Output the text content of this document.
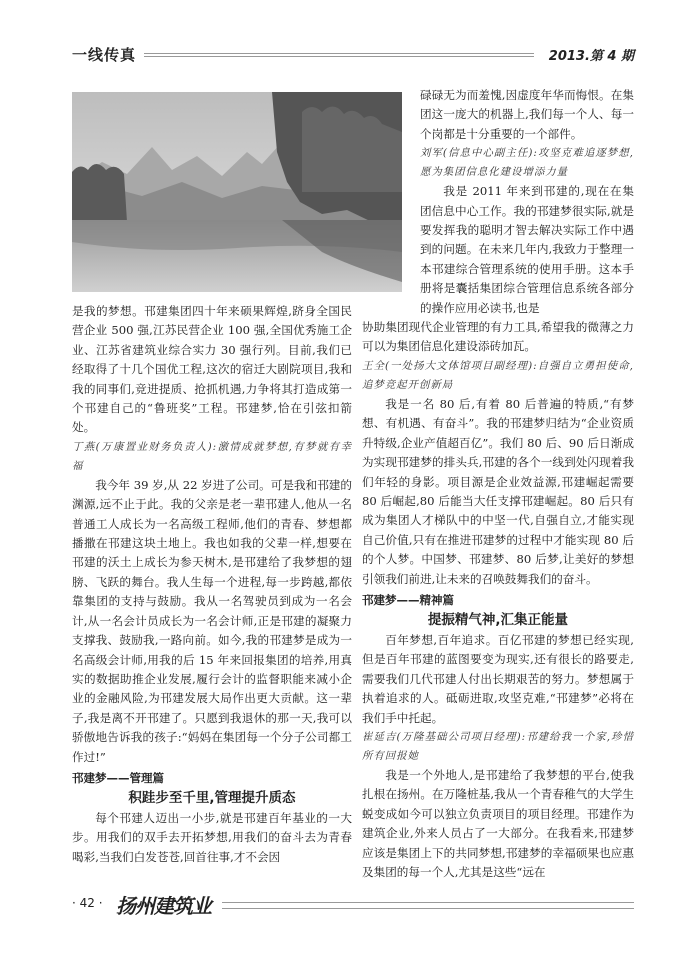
一线传真	2013.第 4 期

碌碌无为而羞愧,因虚度年华而悔恨。在集团这一庞大的机器上,我们每一个人、每一个岗都是十分重要的一个部件。

刘军(信息中心副主任):攻坚克难追逐梦想,愿为集团信息化建设增添力量

我是 2011 年来到邗建的,现在在集团信息中心工作。我的邗建梦很实际,就是要发挥我的聪明才智去解决实际工作中遇到的问题。在未来几年内,我致力于整理一本邗建综合管理系统的使用手册。这本手册将是囊括集团综合管理信息系统各部分的操作应用必读书,也是

协助集团现代企业管理的有力工具,希望我的微薄之力可以为集团信息化建设添砖加瓦。

王全(一处扬大文体馆项目副经理):自强自立勇担使命,追梦竞起开创新局

我是一名 80 后,有着 80 后普遍的特质,“有梦想、有机遇、有奋斗”。我的邗建梦归结为“企业资质升特级,企业产值超百亿”。我们 80 后、90 后日渐成为实现邗建梦的排头兵,邗建的各个一线到处闪现着我们年轻的身影。项目源是企业效益源,邗建崛起需要 80 后崛起,80 后能当大任支撑邗建崛起。80 后只有成为集团人才梯队中的中坚一代,自强自立,才能实现自己价值,只有在推进邗建梦的过程中才能实现 80 后的个人梦。中国梦、邗建梦、80 后梦,让美好的梦想引领我们前进,让未来的召唤鼓舞我们的奋斗。

邗建梦——精神篇

提振精气神,汇集正能量

百年梦想,百年追求。百亿邗建的梦想已经实现,但是百年邗建的蓝图要变为现实,还有很长的路要走,需要我们几代邗建人付出长期艰苦的努力。梦想属于执着追求的人。砥砺进取,攻坚克难,“邗建梦”必将在我们手中托起。

崔延吉(万隆基础公司项目经理):邗建给我一个家,珍惜所有回报她

我是一个外地人,是邗建给了我梦想的平台,使我扎根在扬州。在万隆桩基,我从一个青春稚气的大学生蜕变成如今可以独立负责项目的项目经理。邗建作为建筑企业,外来人员占了一大部分。在我看来,邗建梦应该是集团上下的共同梦想,邗建梦的幸福硕果也应惠及集团的每一个人,尤其是这些“远在

是我的梦想。邗建集团四十年来硕果辉煌,跻身全国民营企业 500 强,江苏民营企业 100 强,全国优秀施工企业、江苏省建筑业综合实力 30 强行列。目前,我们已经取得了十几个国优工程,这次的宿迁大剧院项目,我和我的同事们,竞进提质、抢抓机遇,力争将其打造成第一个邗建自己的“鲁班奖”工程。邗建梦,恰在引弦扣箭处。

丁燕(万康置业财务负责人):激情成就梦想,有梦就有幸福

我今年 39 岁,从 22 岁进了公司。可是我和邗建的渊源,远不止于此。我的父亲是老一辈邗建人,他从一名普通工人成长为一名高级工程师,他们的青春、梦想都播撒在邗建这块土地上。我也如我的父辈一样,想要在邗建的沃土上成长为参天树木,是邗建给了我梦想的翅膀、飞跃的舞台。我人生每一个进程,每一步跨越,都依靠集团的支持与鼓励。我从一名驾驶员到成为一名会计,从一名会计员成长为一名会计师,正是邗建的凝聚力支撑我、鼓励我,一路向前。如今,我的邗建梦是成为一名高级会计师,用我的后 15 年来回报集团的培养,用真实的数据助推企业发展,履行会计的监督职能来减小企业的金融风险,为邗建发展大局作出更大贡献。这一辈子,我是离不开邗建了。只愿到我退休的那一天,我可以骄傲地告诉我的孩子:“妈妈在集团每一个分子公司都工作过!”

邗建梦——管理篇

积跬步至千里,管理提升质态

每个邗建人迈出一小步,就是邗建百年基业的一大步。用我们的双手去开拓梦想,用我们的奋斗去为青春喝彩,当我们白发苍苍,回首往事,才不会因

· 42 · 扬州建筑业
